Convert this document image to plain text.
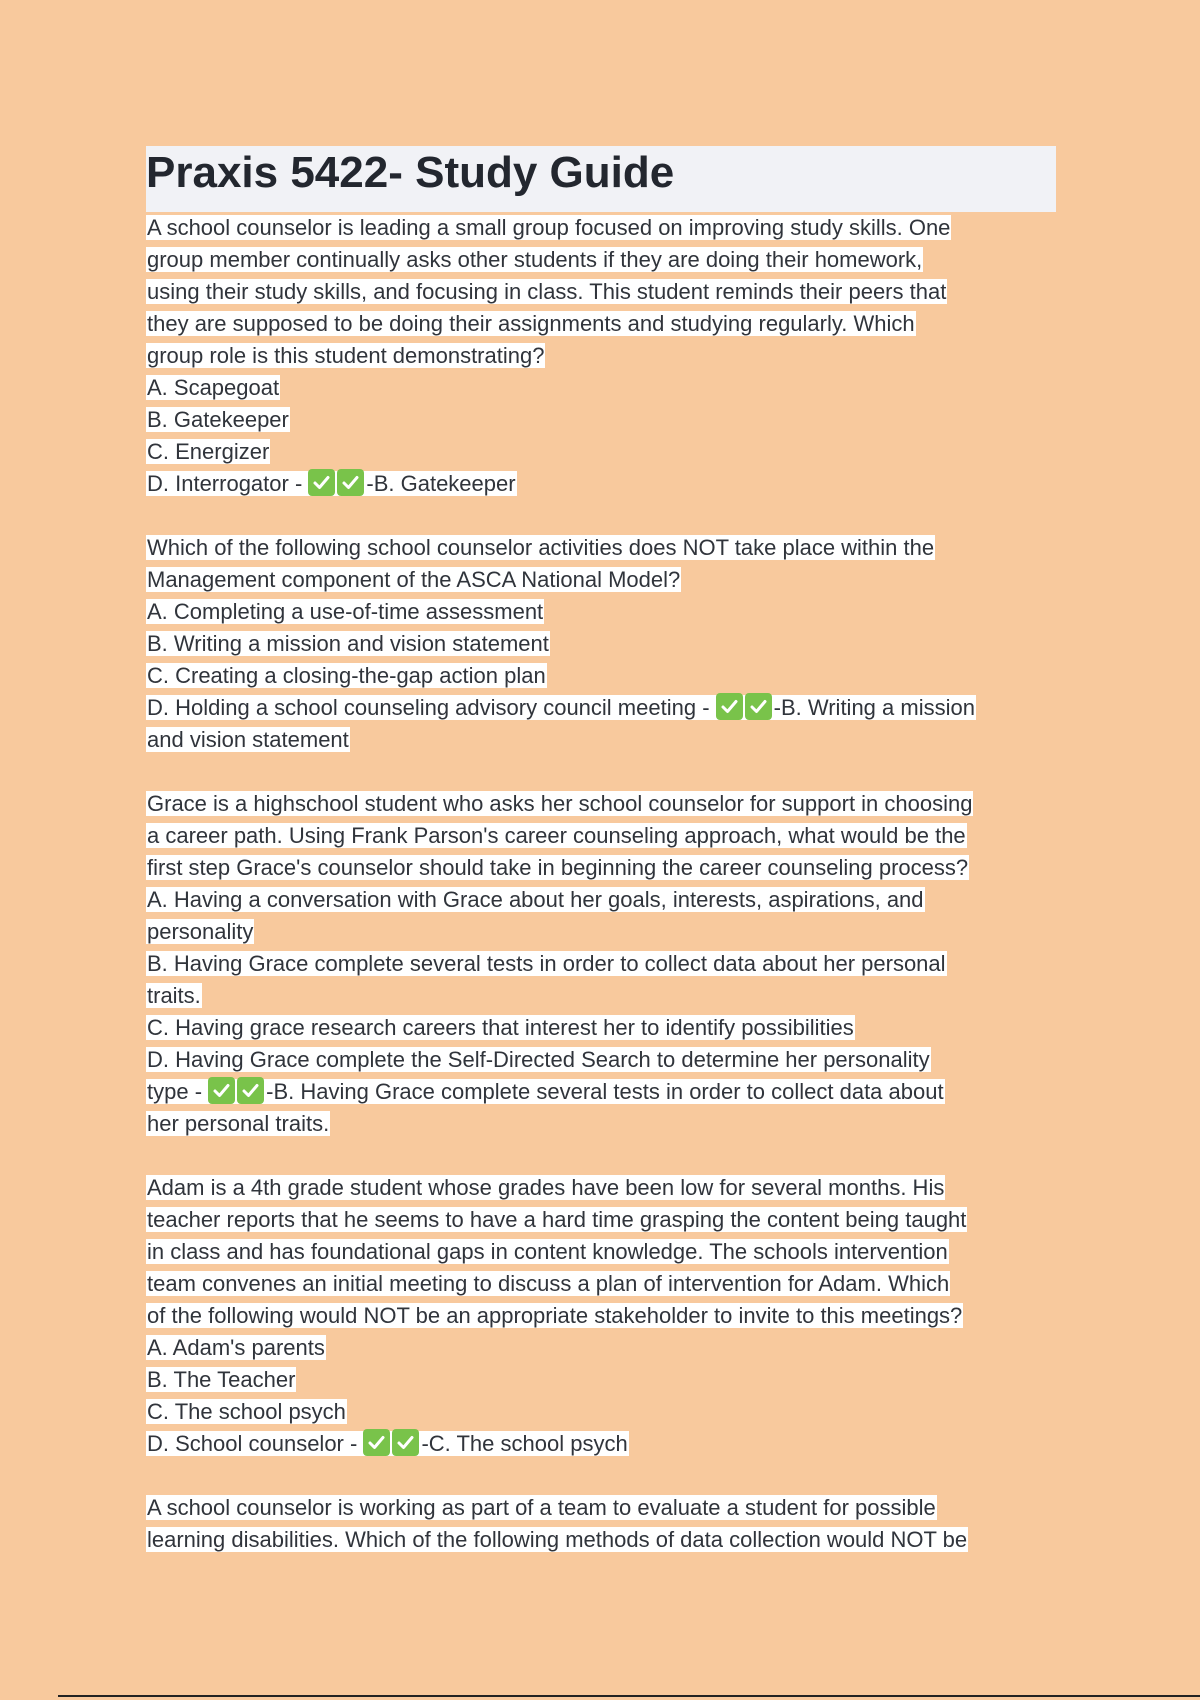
Praxis 5422- Study Guide
A school counselor is leading a small group focused on improving study skills. One
group member continually asks other students if they are doing their homework,
using their study skills, and focusing in class. This student reminds their peers that
they are supposed to be doing their assignments and studying regularly. Which
group role is this student demonstrating?
A. Scapegoat
B. Gatekeeper
C. Energizer
D. Interrogator -	-B. Gatekeeper
Which of the following school counselor activities does NOT take place within the
Management component of the ASCA National Model?
A. Completing a use-of-time assessment
B. Writing a mission and vision statement
C. Creating a closing-the-gap action plan
D. Holding a school counseling advisory council meeting -	-B. Writing a mission
and vision statement
Grace is a highschool student who asks her school counselor for support in choosing
a career path. Using Frank Parson's career counseling approach, what would be the
first step Grace's counselor should take in beginning the career counseling process?
A. Having a conversation with Grace about her goals, interests, aspirations, and
personality
B. Having Grace complete several tests in order to collect data about her personal
traits.
C. Having grace research careers that interest her to identify possibilities
D. Having Grace complete the Self-Directed Search to determine her personality
type -	-B. Having Grace complete several tests in order to collect data about
her personal traits.
Adam is a 4th grade student whose grades have been low for several months. His
teacher reports that he seems to have a hard time grasping the content being taught
in class and has foundational gaps in content knowledge. The schools intervention
team convenes an initial meeting to discuss a plan of intervention for Adam. Which
of the following would NOT be an appropriate stakeholder to invite to this meetings?
A. Adam's parents
B. The Teacher
C. The school psych
D. School counselor -	-C. The school psych
A school counselor is working as part of a team to evaluate a student for possible
learning disabilities. Which of the following methods of data collection would NOT be
